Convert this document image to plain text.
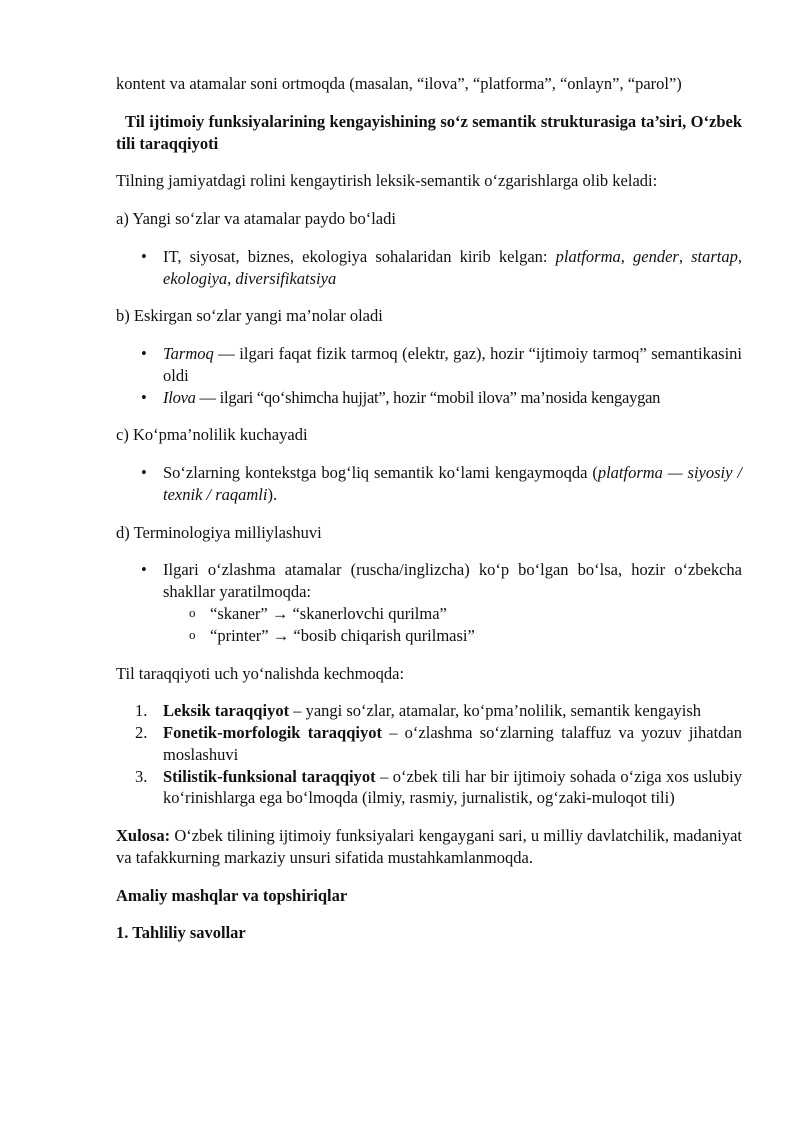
kontent va atamalar soni ortmoqda (masalan, “ilova”, “platforma”, “onlayn”, “parol”)

Til ijtimoiy funksiyalarining kengayishining so‘z semantik strukturasiga ta’siri, O‘zbek tili taraqqiyoti

Tilning jamiyatdagi rolini kengaytirish leksik-semantik o‘zgarishlarga olib keladi:

a) Yangi so‘zlar va atamalar paydo bo‘ladi

• IT, siyosat, biznes, ekologiya sohalaridan kirib kelgan: platforma, gender, startap, ekologiya, diversifikatsiya

b) Eskirgan so‘zlar yangi ma’nolar oladi

• Tarmoq — ilgari faqat fizik tarmoq (elektr, gaz), hozir “ijtimoiy tarmoq” semantikasini oldi
• Ilova — ilgari “qo‘shimcha hujjat”, hozir “mobil ilova” ma’nosida kengaygan

c) Ko‘pma’nolilik kuchayadi

• So‘zlarning kontekstga bog‘liq semantik ko‘lami kengaymoqda (platforma — siyosiy / texnik / raqamli).

d) Terminologiya milliylashuvi

• Ilgari o‘zlashma atamalar (ruscha/inglizcha) ko‘p bo‘lgan bo‘lsa, hozir o‘zbekcha shakllar yaratilmoqda:
o “skaner” → “skanerlovchi qurilma”
o “printer” → “bosib chiqarish qurilmasi”

Til taraqqiyoti uch yo‘nalishda kechmoqda:

1. Leksik taraqqiyot – yangi so‘zlar, atamalar, ko‘pma’nolilik, semantik kengayish
2. Fonetik-morfologik taraqqiyot – o‘zlashma so‘zlarning talaffuz va yozuv jihatdan moslashuvi
3. Stilistik-funksional taraqqiyot – o‘zbek tili har bir ijtimoiy sohada o‘ziga xos uslubiy ko‘rinishlarga ega bo‘lmoqda (ilmiy, rasmiy, jurnalistik, og‘zaki-muloqot tili)

Xulosa: O‘zbek tilining ijtimoiy funksiyalari kengaygani sari, u milliy davlatchilik, madaniyat va tafakkurning markaziy unsuri sifatida mustahkamlanmoqda.

Amaliy mashqlar va topshiriqlar

1. Tahliliy savollar
